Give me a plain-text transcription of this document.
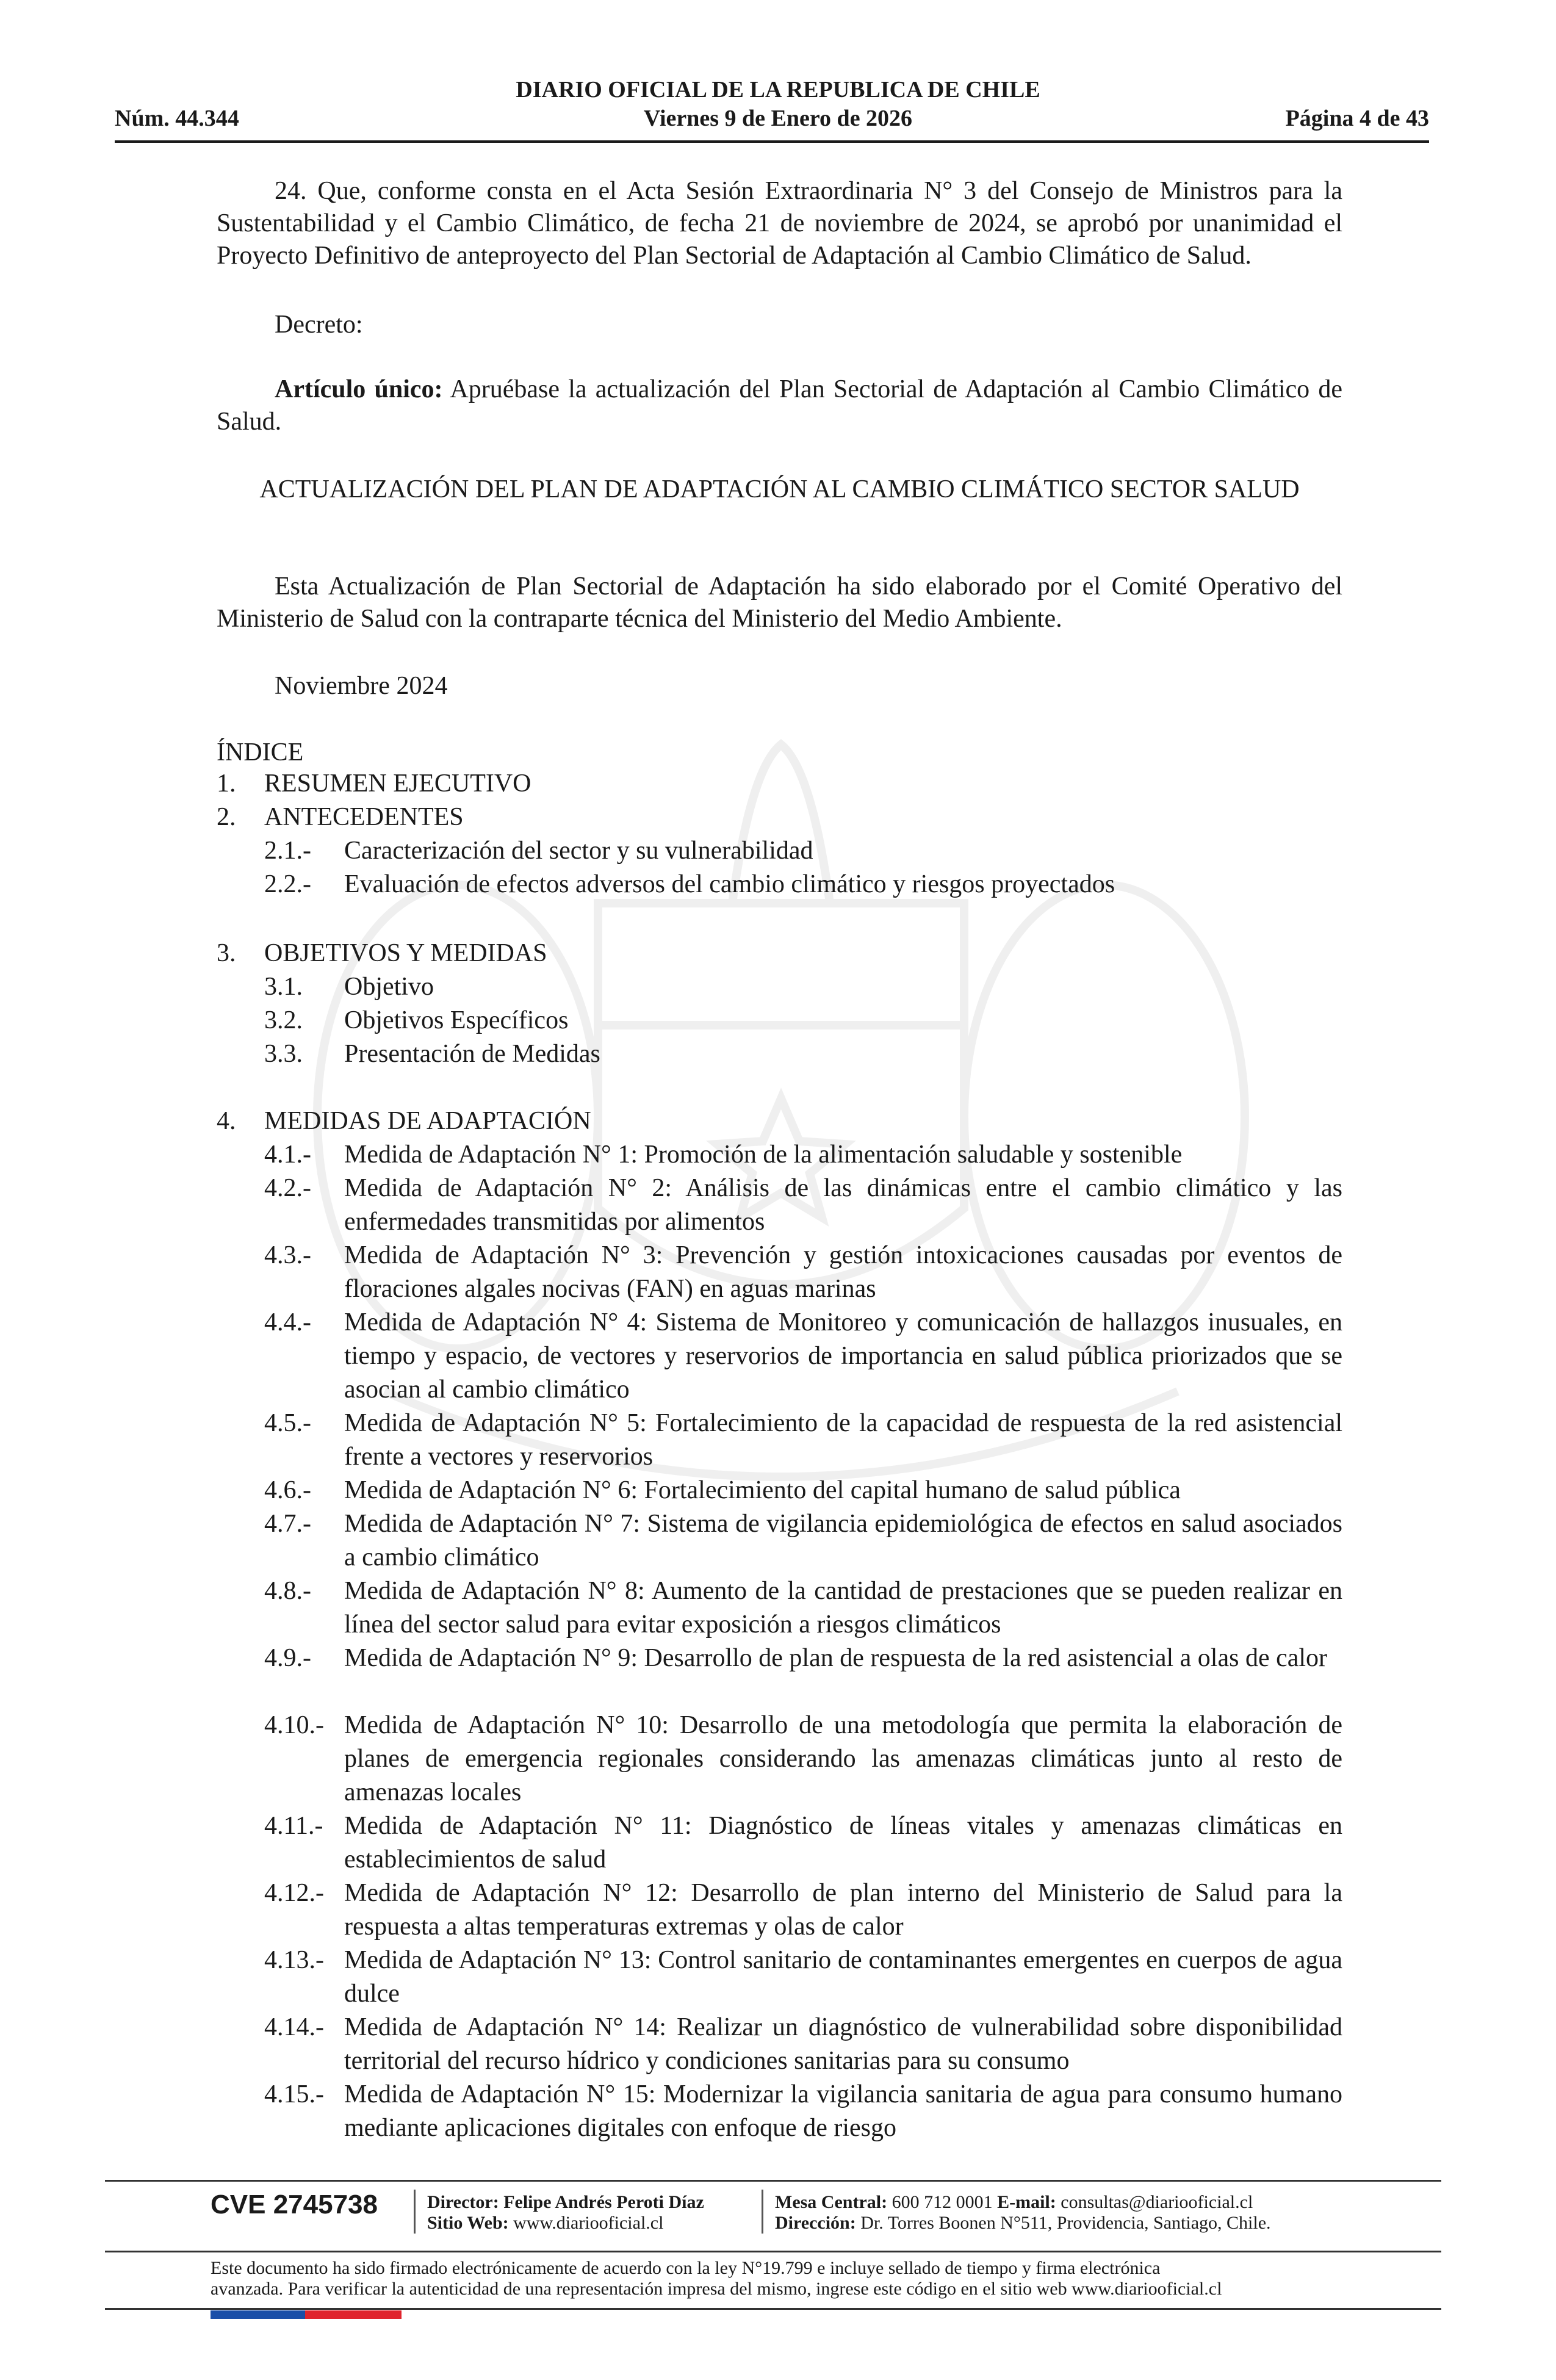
DIARIO OFICIAL DE LA REPUBLICA DE CHILE
Núm. 44.344	Viernes 9 de Enero de 2026	Página 4 de 43
24. Que, conforme consta en el Acta Sesión Extraordinaria N° 3 del Consejo de Ministros para la Sustentabilidad y el Cambio Climático, de fecha 21 de noviembre de 2024, se aprobó por unanimidad el Proyecto Definitivo de anteproyecto del Plan Sectorial de Adaptación al Cambio Climático de Salud.
Decreto:
Artículo único: Apruébase la actualización del Plan Sectorial de Adaptación al Cambio Climático de Salud.
ACTUALIZACIÓN DEL PLAN DE ADAPTACIÓN AL CAMBIO CLIMÁTICO SECTOR SALUD
Esta Actualización de Plan Sectorial de Adaptación ha sido elaborado por el Comité Operativo del Ministerio de Salud con la contraparte técnica del Ministerio del Medio Ambiente.
Noviembre 2024
ÍNDICE
1. RESUMEN EJECUTIVO
2. ANTECEDENTES
2.1.- Caracterización del sector y su vulnerabilidad
2.2.- Evaluación de efectos adversos del cambio climático y riesgos proyectados
3. OBJETIVOS Y MEDIDAS
3.1. Objetivo
3.2. Objetivos Específicos
3.3. Presentación de Medidas
4. MEDIDAS DE ADAPTACIÓN
4.1.- Medida de Adaptación N° 1: Promoción de la alimentación saludable y sostenible
4.2.- Medida de Adaptación N° 2: Análisis de las dinámicas entre el cambio climático y las enfermedades transmitidas por alimentos
4.3.- Medida de Adaptación N° 3: Prevención y gestión intoxicaciones causadas por eventos de floraciones algales nocivas (FAN) en aguas marinas
4.4.- Medida de Adaptación N° 4: Sistema de Monitoreo y comunicación de hallazgos inusuales, en tiempo y espacio, de vectores y reservorios de importancia en salud pública priorizados que se asocian al cambio climático
4.5.- Medida de Adaptación N° 5: Fortalecimiento de la capacidad de respuesta de la red asistencial frente a vectores y reservorios
4.6.- Medida de Adaptación N° 6: Fortalecimiento del capital humano de salud pública
4.7.- Medida de Adaptación N° 7: Sistema de vigilancia epidemiológica de efectos en salud asociados a cambio climático
4.8.- Medida de Adaptación N° 8: Aumento de la cantidad de prestaciones que se pueden realizar en línea del sector salud para evitar exposición a riesgos climáticos
4.9.- Medida de Adaptación N° 9: Desarrollo de plan de respuesta de la red asistencial a olas de calor
4.10.- Medida de Adaptación N° 10: Desarrollo de una metodología que permita la elaboración de planes de emergencia regionales considerando las amenazas climáticas junto al resto de amenazas locales
4.11.- Medida de Adaptación N° 11: Diagnóstico de líneas vitales y amenazas climáticas en establecimientos de salud
4.12.- Medida de Adaptación N° 12: Desarrollo de plan interno del Ministerio de Salud para la respuesta a altas temperaturas extremas y olas de calor
4.13.- Medida de Adaptación N° 13: Control sanitario de contaminantes emergentes en cuerpos de agua dulce
4.14.- Medida de Adaptación N° 14: Realizar un diagnóstico de vulnerabilidad sobre disponibilidad territorial del recurso hídrico y condiciones sanitarias para su consumo
4.15.- Medida de Adaptación N° 15: Modernizar la vigilancia sanitaria de agua para consumo humano mediante aplicaciones digitales con enfoque de riesgo
CVE 2745738	Director: Felipe Andrés Peroti Díaz
Sitio Web: www.diariooficial.cl
Mesa Central: 600 712 0001 E-mail: consultas@diariooficial.cl
Dirección: Dr. Torres Boonen N°511, Providencia, Santiago, Chile.
Este documento ha sido firmado electrónicamente de acuerdo con la ley N°19.799 e incluye sellado de tiempo y firma electrónica
avanzada. Para verificar la autenticidad de una representación impresa del mismo, ingrese este código en el sitio web www.diariooficial.cl
